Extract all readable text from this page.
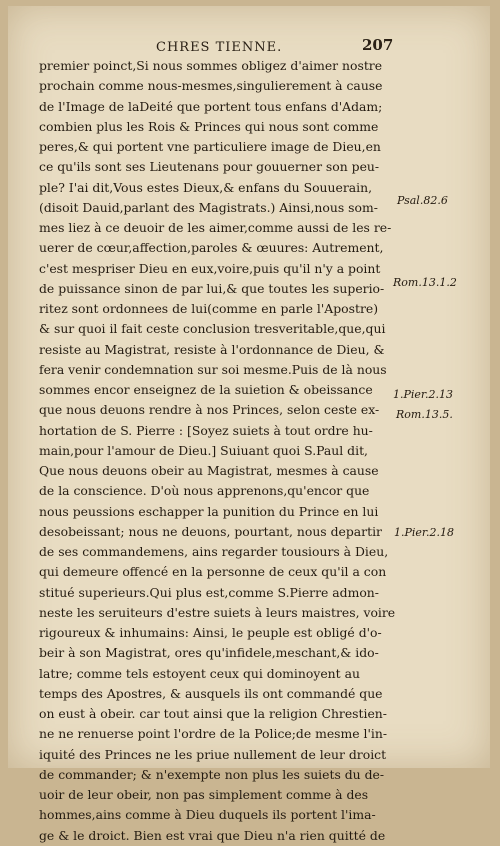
CHRES TIENNE.	207
premier poinct,Si nous sommes obligez d'aimer nostre
prochain comme nous-mesmes,singulierement à cause
de l'Image de laDeité que portent tous enfans d'Adam;
combien plus les Rois & Princes qui nous sont comme
peres,& qui portent vne particuliere image de Dieu,en
ce qu'ils sont ses Lieutenans pour gouuerner son peu-
ple? I'ai dit,Vous estes Dieux,& enfans du Souuerain,
(disoit Dauid,parlant des Magistrats.) Ainsi,nous som-
mes liez à ce deuoir de les aimer,comme aussi de les re-
uerer de cœur,affection,paroles & œuures: Autrement,
c'est mespriser Dieu en eux,voire,puis qu'il n'y a point
de puissance sinon de par lui,& que toutes les superio-
ritez sont ordonnees de lui(comme en parle l'Apostre)
& sur quoi il fait ceste conclusion tresveritable,que,qui
resiste au Magistrat, resiste à l'ordonnance de Dieu, &
fera venir condemnation sur soi mesme.Puis de là nous
sommes encor enseignez de la suietion & obeissance
que nous deuons rendre à nos Princes, selon ceste ex-
hortation de S. Pierre : [Soyez suiets à tout ordre hu-
main,pour l'amour de Dieu.] Suiuant quoi S.Paul dit,
Que nous deuons obeir au Magistrat, mesmes à cause
de la conscience. D'où nous apprenons,qu'encor que
nous peussions eschapper la punition du Prince en lui
desobeissant; nous ne deuons, pourtant, nous departir
de ses commandemens, ains regarder tousiours à Dieu,
qui demeure offencé en la personne de ceux qu'il a con
stitué superieurs.Qui plus est,comme S.Pierre admon-
neste les seruiteurs d'estre suiets à leurs maistres, voire
rigoureux & inhumains: Ainsi, le peuple est obligé d'o-
beir à son Magistrat, ores qu'infidele,meschant,& ido-
latre; comme tels estoyent ceux qui dominoyent au
temps des Apostres, & ausquels ils ont commandé que
on eust à obeir. car tout ainsi que la religion Chrestien-
ne ne renuerse point l'ordre de la Police;de mesme l'in-
iquité des Princes ne les priue nullement de leur droict
de commander; & n'exempte non plus les suiets du de-
uoir de leur obeir, non pas simplement comme à des
hommes,ains comme à Dieu duquels ils portent l'ima-
ge & le droict. Bien est vrai que Dieu n'a rien quitté de
Psal.82.6
Rom.13.1.2
1.Pier.2.13
Rom.13.5.
1.Pier.2.18
